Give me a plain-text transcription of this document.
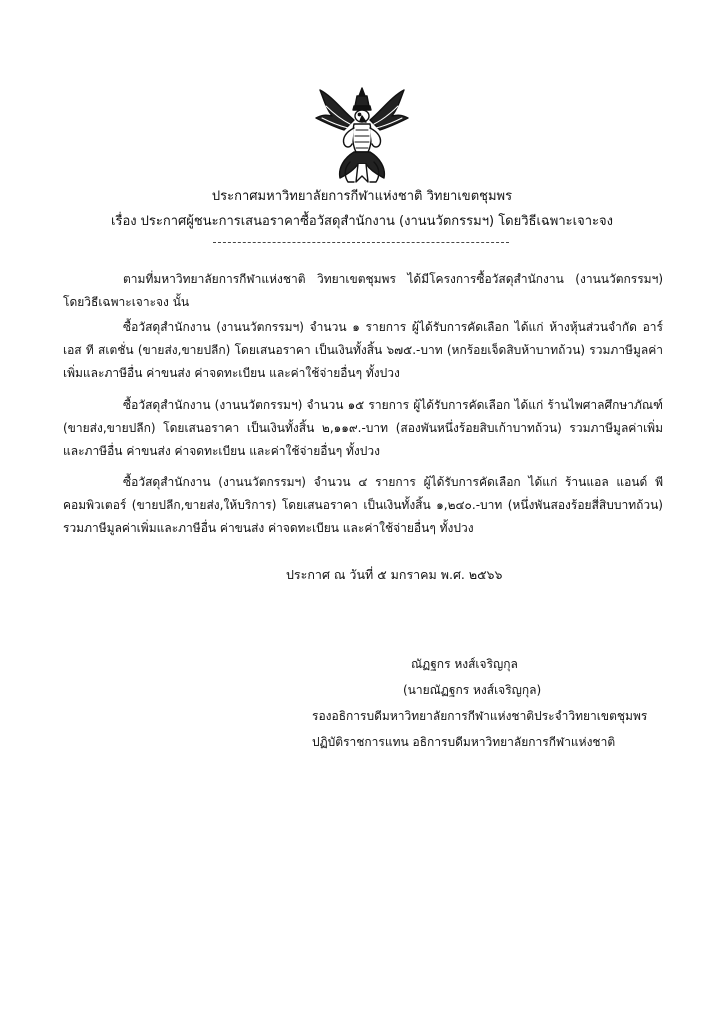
ประกาศมหาวิทยาลัยการกีฬาแห่งชาติ วิทยาเขตชุมพร
เรื่อง ประกาศผู้ชนะการเสนอราคาซื้อวัสดุสำนักงาน (งานนวัตกรรมฯ) โดยวิธีเฉพาะเจาะจง
ตามที่มหาวิทยาลัยการกีฬาแห่งชาติ วิทยาเขตชุมพร ได้มีโครงการซื้อวัสดุสำนักงาน (งานนวัตกรรมฯ) โดยวิธีเฉพาะเจาะจง นั้น
ซื้อวัสดุสำนักงาน (งานนวัตกรรมฯ) จำนวน ๑ รายการ ผู้ได้รับการคัดเลือก ได้แก่ ห้างหุ้นส่วนจำกัด อาร์ เอส ที สเตชั่น (ขายส่ง,ขายปลีก) โดยเสนอราคา เป็นเงินทั้งสิ้น ๖๗๕.-บาท (หกร้อยเจ็ดสิบห้าบาทถ้วน) รวมภาษีมูลค่าเพิ่มและภาษีอื่น ค่าขนส่ง ค่าจดทะเบียน และค่าใช้จ่ายอื่นๆ ทั้งปวง
ซื้อวัสดุสำนักงาน (งานนวัตกรรมฯ) จำนวน ๑๕ รายการ ผู้ได้รับการคัดเลือก ได้แก่ ร้านไพศาลศึกษาภัณฑ์ (ขายส่ง,ขายปลีก) โดยเสนอราคา เป็นเงินทั้งสิ้น ๒,๑๑๙.-บาท (สองพันหนึ่งร้อยสิบเก้าบาทถ้วน) รวมภาษีมูลค่าเพิ่มและภาษีอื่น ค่าขนส่ง ค่าจดทะเบียน และค่าใช้จ่ายอื่นๆ ทั้งปวง
ซื้อวัสดุสำนักงาน (งานนวัตกรรมฯ) จำนวน ๔ รายการ ผู้ได้รับการคัดเลือก ได้แก่ ร้านแอล แอนด์ พี คอมพิวเตอร์ (ขายปลีก,ขายส่ง,ให้บริการ) โดยเสนอราคา เป็นเงินทั้งสิ้น ๑,๒๔๐.-บาท (หนึ่งพันสองร้อยสี่สิบบาทถ้วน) รวมภาษีมูลค่าเพิ่มและภาษีอื่น ค่าขนส่ง ค่าจดทะเบียน และค่าใช้จ่ายอื่นๆ ทั้งปวง
ประกาศ ณ วันที่ ๕ มกราคม พ.ศ. ๒๕๖๖
ณัฏฐกร หงส์เจริญกุล
(นายณัฏฐกร หงส์เจริญกุล)
รองอธิการบดีมหาวิทยาลัยการกีฬาแห่งชาติประจำวิทยาเขตชุมพร
ปฏิบัติราชการแทน อธิการบดีมหาวิทยาลัยการกีฬาแห่งชาติ
